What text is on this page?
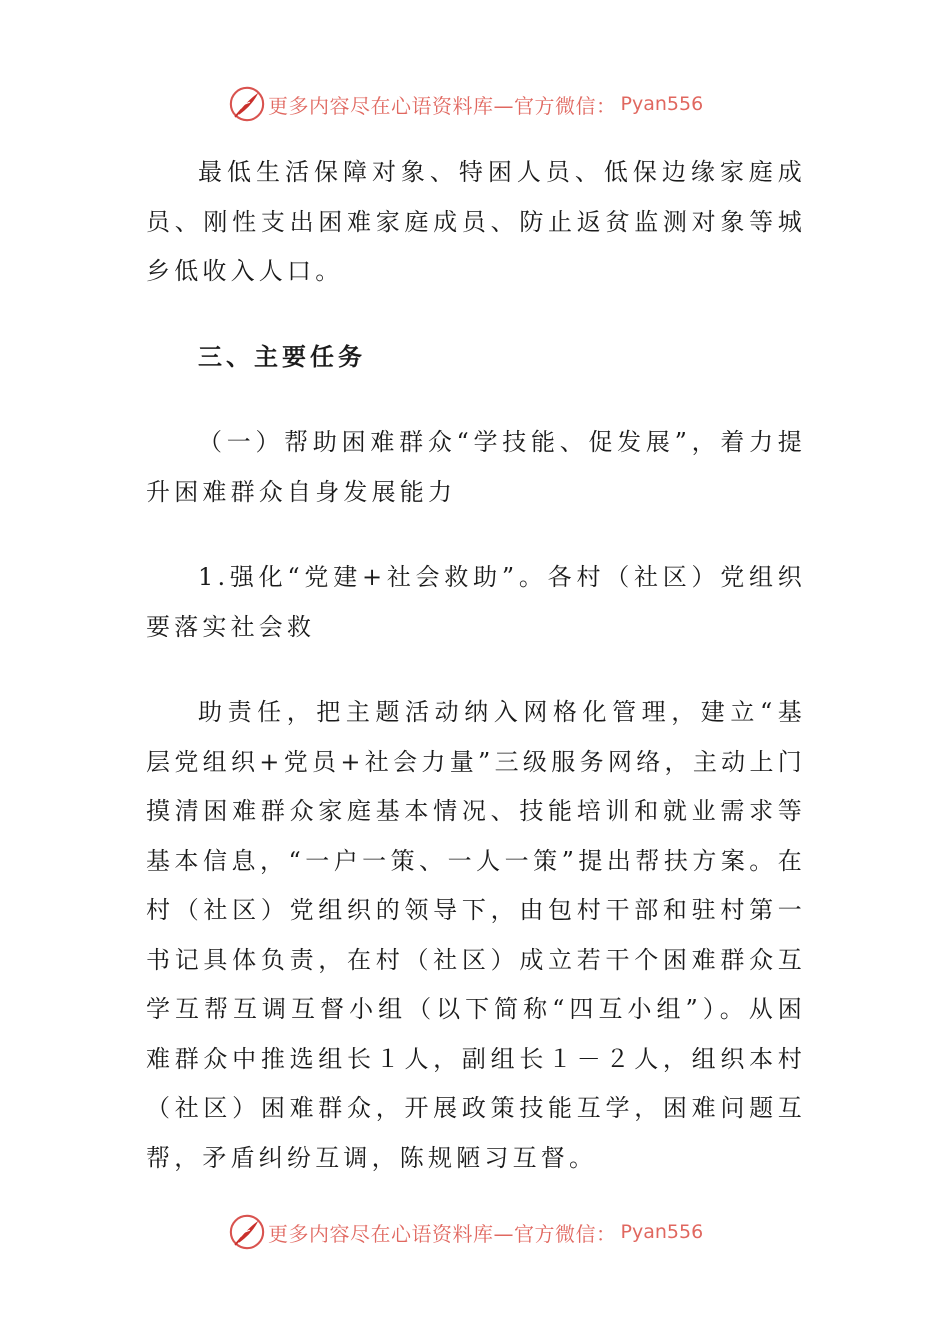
更多内容尽在心语资料库—官方微信： Pyan556

最低生活保障对象、特困人员、低保边缘家庭成员、刚性支出困难家庭成员、防止返贫监测对象等城乡低收入人口。

三、主要任务

（一）帮助困难群众“学技能、促发展”，着力提升困难群众自身发展能力

1.强化“党建+社会救助”。各村（社区）党组织要落实社会救

助责任，把主题活动纳入网格化管理，建立“基层党组织+党员+社会力量”三级服务网络，主动上门摸清困难群众家庭基本情况、技能培训和就业需求等基本信息，“一户一策、一人一策”提出帮扶方案。在村（社区）党组织的领导下，由包村干部和驻村第一书记具体负责，在村（社区）成立若干个困难群众互学互帮互调互督小组（以下简称“四互小组”）。从困难群众中推选组长１人，副组长１－２人，组织本村（社区）困难群众，开展政策技能互学，困难问题互帮，矛盾纠纷互调，陈规陋习互督。

更多内容尽在心语资料库—官方微信： Pyan556
